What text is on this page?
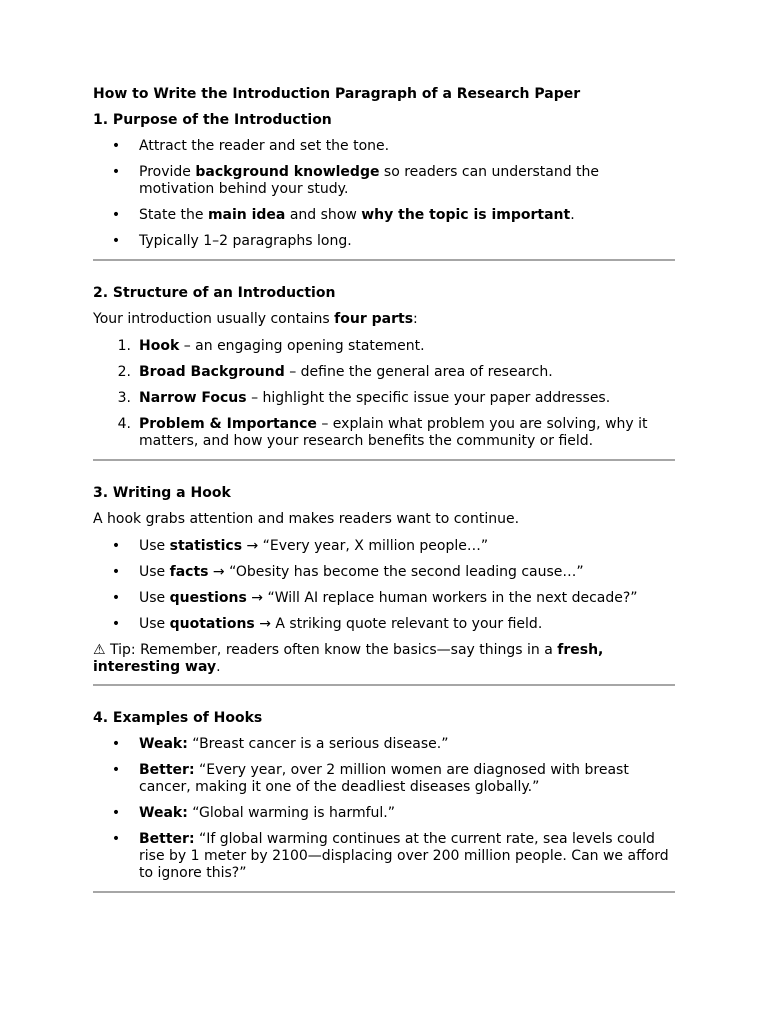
How to Write the Introduction Paragraph of a Research Paper

1. Purpose of the Introduction

• Attract the reader and set the tone.
• Provide background knowledge so readers can understand the motivation behind your study.
• State the main idea and show why the topic is important.
• Typically 1–2 paragraphs long.

2. Structure of an Introduction

Your introduction usually contains four parts:

1. Hook – an engaging opening statement.
2. Broad Background – define the general area of research.
3. Narrow Focus – highlight the specific issue your paper addresses.
4. Problem & Importance – explain what problem you are solving, why it matters, and how your research benefits the community or field.

3. Writing a Hook

A hook grabs attention and makes readers want to continue.

• Use statistics → “Every year, X million people…”
• Use facts → “Obesity has become the second leading cause…”
• Use questions → “Will AI replace human workers in the next decade?”
• Use quotations → A striking quote relevant to your field.

⚠ Tip: Remember, readers often know the basics—say things in a fresh, interesting way.

4. Examples of Hooks

• Weak: “Breast cancer is a serious disease.”
• Better: “Every year, over 2 million women are diagnosed with breast cancer, making it one of the deadliest diseases globally.”
• Weak: “Global warming is harmful.”
• Better: “If global warming continues at the current rate, sea levels could rise by 1 meter by 2100—displacing over 200 million people. Can we afford to ignore this?”
